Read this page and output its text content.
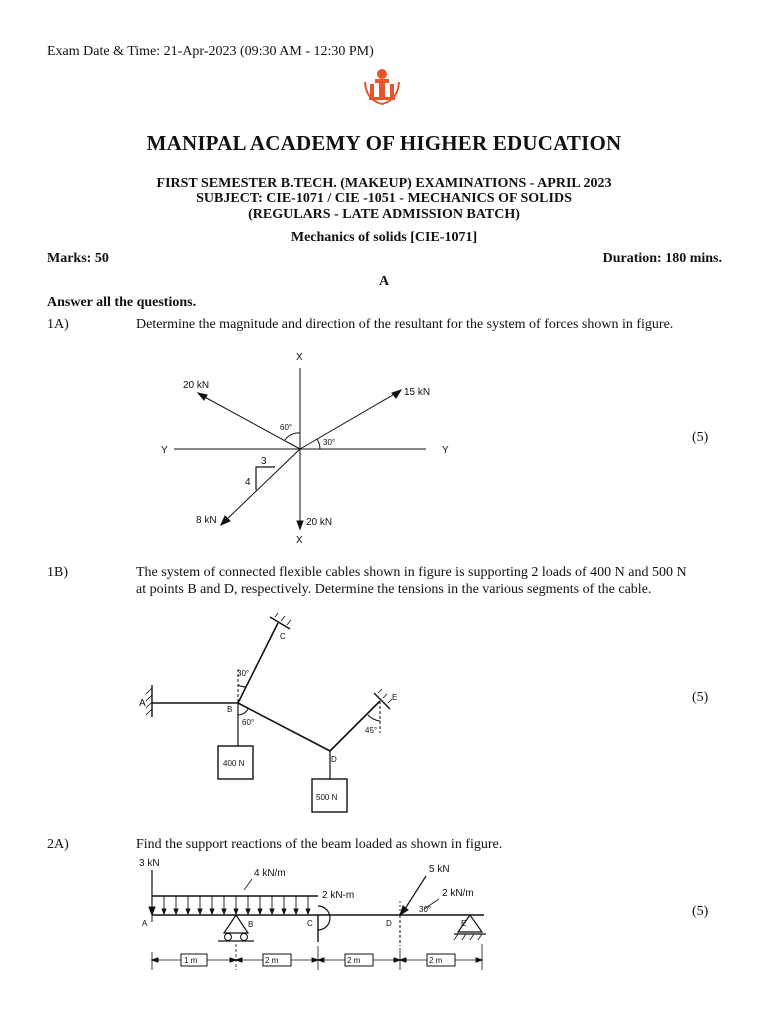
Exam Date & Time: 21-Apr-2023 (09:30 AM - 12:30 PM)
MANIPAL ACADEMY OF HIGHER EDUCATION
FIRST SEMESTER B.TECH. (MAKEUP) EXAMINATIONS - APRIL 2023
SUBJECT: CIE-1071 / CIE -1051 - MECHANICS OF SOLIDS
(REGULARS - LATE ADMISSION BATCH)
Mechanics of solids [CIE-1071]
Marks: 50	Duration: 180 mins.
A
Answer all the questions.
1A)	Determine the magnitude and direction of the resultant for the system of forces shown in figure.
(5)
X
X
Y	Y
20 kN
15 kN
8 kN	20 kN
60°
30°
3
4
1B)	The system of connected flexible cables shown in figure is supporting 2 loads of 400 N and 500 N at points B and D, respectively. Determine the tensions in the various segments of the cable.
(5)
A
C
30°
B
60°
400 N
E
45°
D
500 N
2A)	Find the support reactions of the beam loaded as shown in figure.
(5)
3 kN
4 kN/m
A	B
2 kN-m
C
5 kN
2 kN/m
30°
D	E
1 m	2 m	2 m	2 m
